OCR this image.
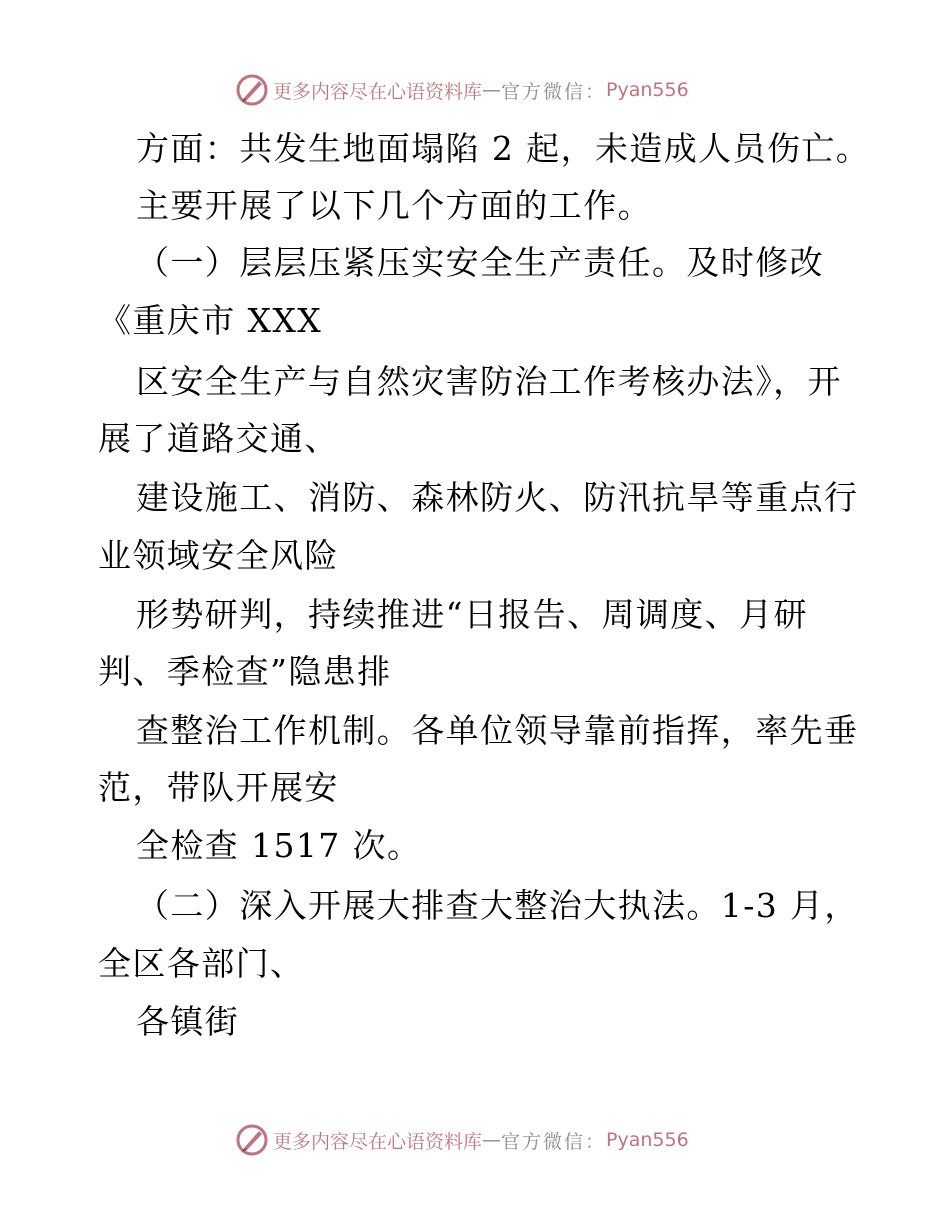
更多内容尽在心语资料库 — 官方微信： Pyan556
方面：共发生地面塌陷 2 起，未造成人员伤亡。
主要开展了以下几个方面的工作。
（一）层层压紧压实安全生产责任。及时修改
《重庆市 XXX
区安全生产与自然灾害防治工作考核办法》，开
展了道路交通、
建设施工、消防、森林防火、防汛抗旱等重点行
业领域安全风险
形势研判，持续推进“日报告、周调度、月研
判、季检查”隐患排
查整治工作机制。各单位领导靠前指挥，率先垂
范，带队开展安
全检查 1517 次。
（二）深入开展大排查大整治大执法。1-3 月，
全区各部门、
各镇街
更多内容尽在心语资料库 — 官方微信： Pyan556
